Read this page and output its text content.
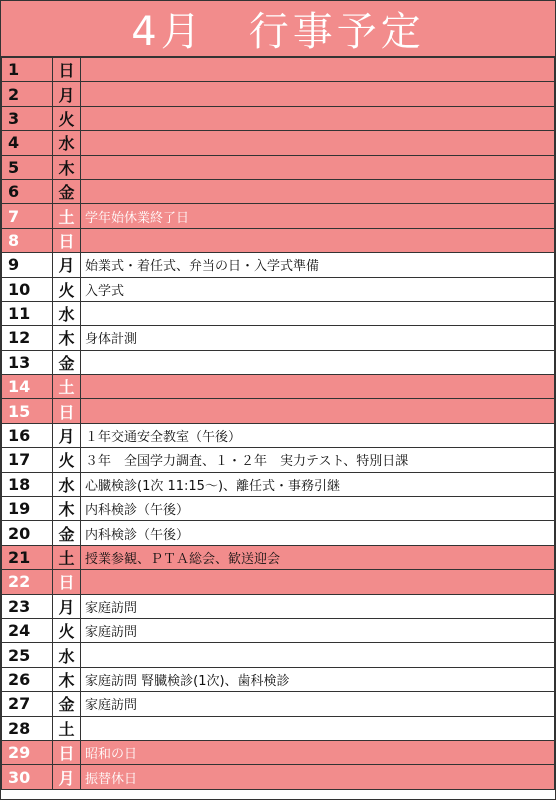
4月　行事予定
1	日	
2	月	
3	火	
4	水	
5	木	
6	金	
7	土	学年始休業終了日
8	日	
9	月	始業式・着任式、弁当の日・入学式準備
10	火	入学式
11	水	
12	木	身体計測
13	金	
14	土	
15	日	
16	月	１年交通安全教室（午後）
17	火	３年　全国学力調査、１・２年　実力テスト、特別日課
18	水	心臓検診(1次 11:15～)、離任式・事務引継
19	木	内科検診（午後）
20	金	内科検診（午後）
21	土	授業参観、ＰＴＡ総会、歓送迎会
22	日	
23	月	家庭訪問
24	火	家庭訪問
25	水	
26	木	家庭訪問 腎臓検診(1次)、歯科検診
27	金	家庭訪問
28	土	
29	日	昭和の日
30	月	振替休日
